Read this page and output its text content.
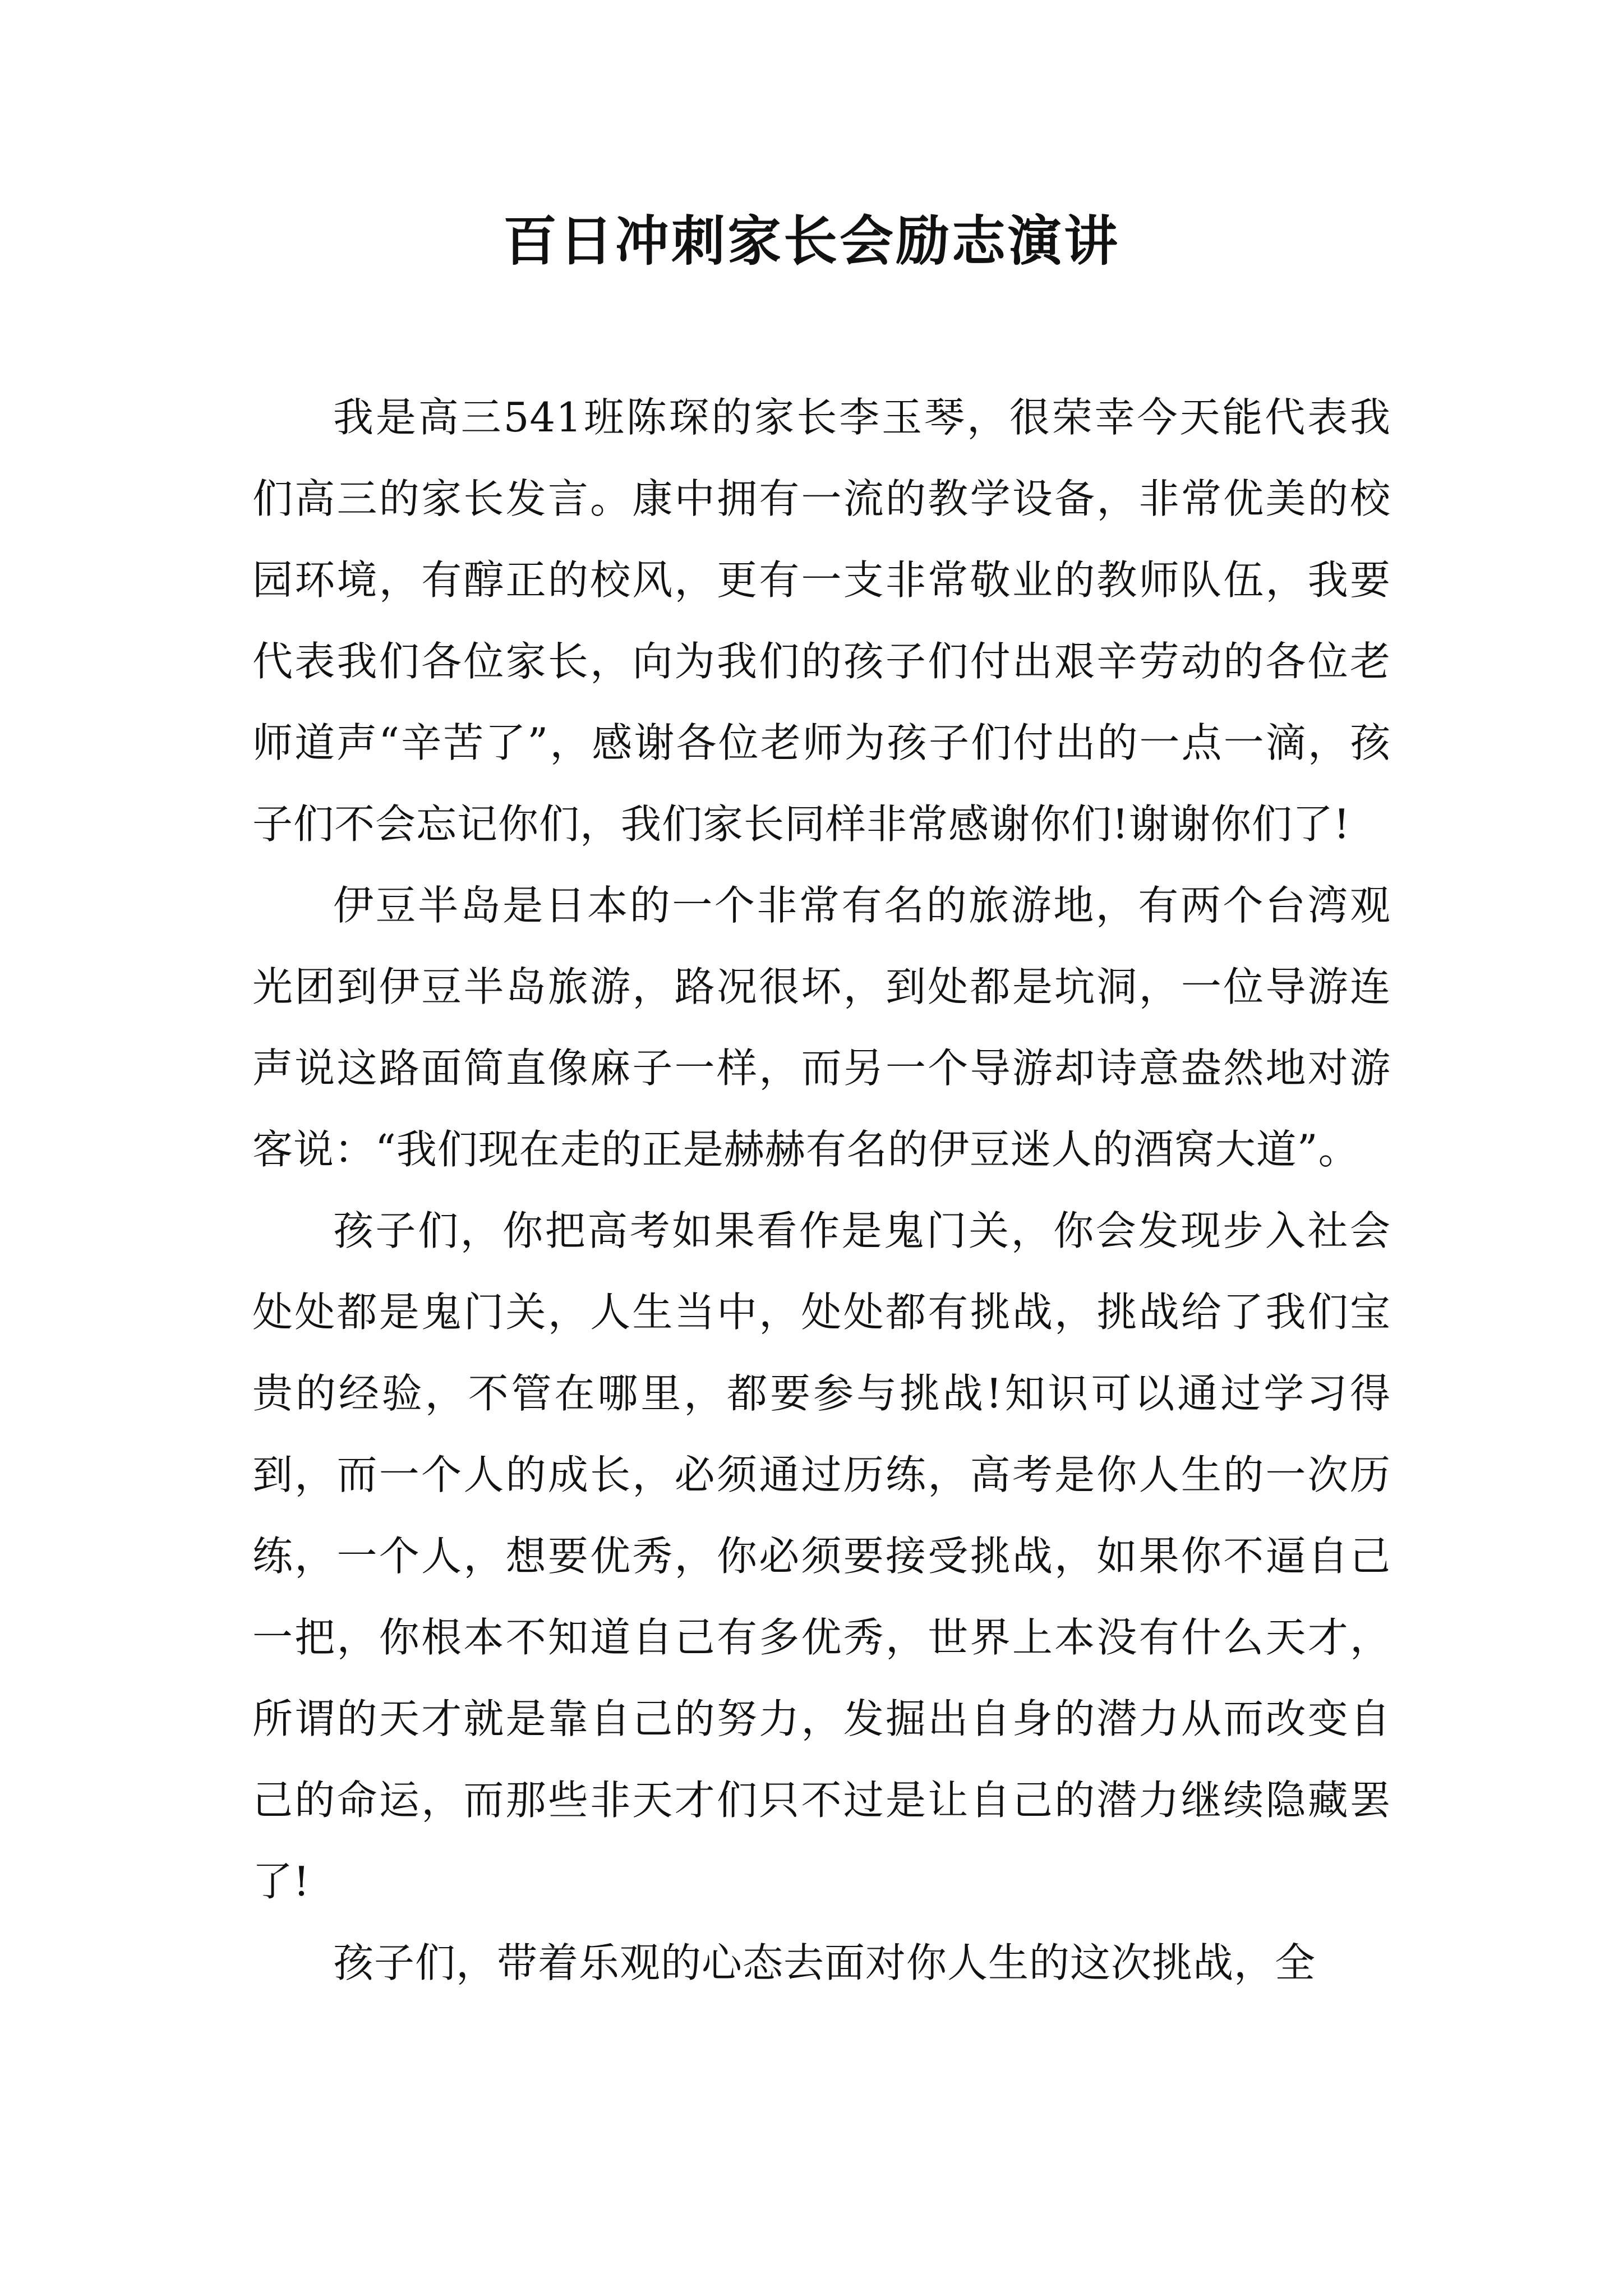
百日冲刺家长会励志演讲

我是高三541班陈琛的家长李玉琴，很荣幸今天能代表我们高三的家长发言。康中拥有一流的教学设备，非常优美的校园环境，有醇正的校风，更有一支非常敬业的教师队伍，我要代表我们各位家长，向为我们的孩子们付出艰辛劳动的各位老师道声“辛苦了”，感谢各位老师为孩子们付出的一点一滴，孩子们不会忘记你们，我们家长同样非常感谢你们!谢谢你们了!

伊豆半岛是日本的一个非常有名的旅游地，有两个台湾观光团到伊豆半岛旅游，路况很坏，到处都是坑洞，一位导游连声说这路面简直像麻子一样，而另一个导游却诗意盎然地对游客说：“我们现在走的正是赫赫有名的伊豆迷人的酒窝大道”。

孩子们，你把高考如果看作是鬼门关，你会发现步入社会处处都是鬼门关，人生当中，处处都有挑战，挑战给了我们宝贵的经验，不管在哪里，都要参与挑战!知识可以通过学习得到，而一个人的成长，必须通过历练，高考是你人生的一次历练，一个人，想要优秀，你必须要接受挑战，如果你不逼自己一把，你根本不知道自己有多优秀，世界上本没有什么天才，所谓的天才就是靠自己的努力，发掘出自身的潜力从而改变自己的命运，而那些非天才们只不过是让自己的潜力继续隐藏罢了!

孩子们，带着乐观的心态去面对你人生的这次挑战，全
